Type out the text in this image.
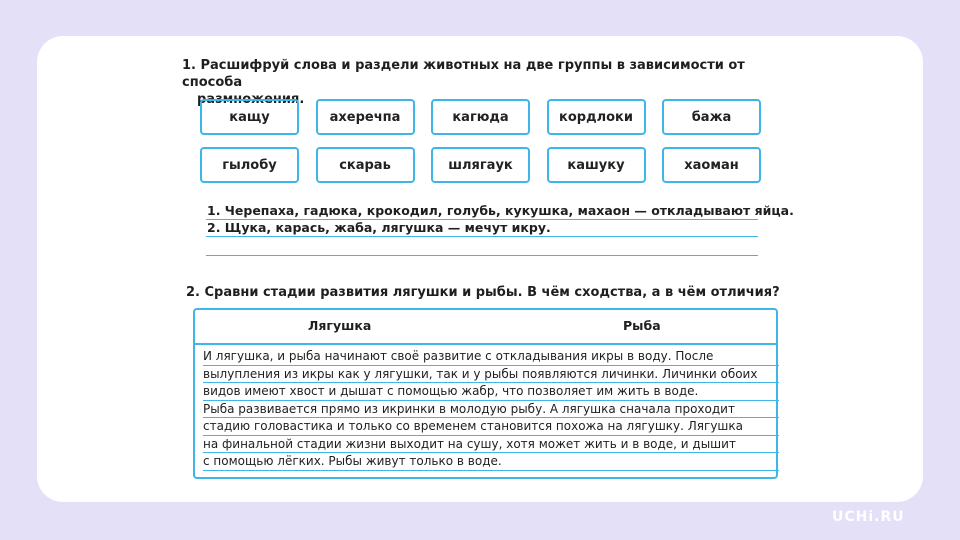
1. Расшифруй слова и раздели животных на две группы в зависимости от способа
размножения.
кащу	ахеречпа	кагюда	кордлоки	бажа
гылобу	скараь	шлягаук	кашуку	хаоман
1. Черепаха, гадюка, крокодил, голубь, кукушка, махаон — откладывают яйца.
2. Щука, карась, жаба, лягушка — мечут икру.
2. Сравни стадии развития лягушки и рыбы. В чём сходства, а в чём отличия?
Лягушка	Рыба
И лягушка, и рыба начинают своё развитие с откладывания икры в воду. После
вылупления из икры как у лягушки, так и у рыбы появляются личинки. Личинки обоих
видов имеют хвост и дышат с помощью жабр, что позволяет им жить в воде.
Рыба развивается прямо из икринки в молодую рыбу. А лягушка сначала проходит
стадию головастика и только со временем становится похожа на лягушку. Лягушка
на финальной стадии жизни выходит на сушу, хотя может жить и в воде, и дышит
с помощью лёгких. Рыбы живут только в воде.
UCHi.RU
